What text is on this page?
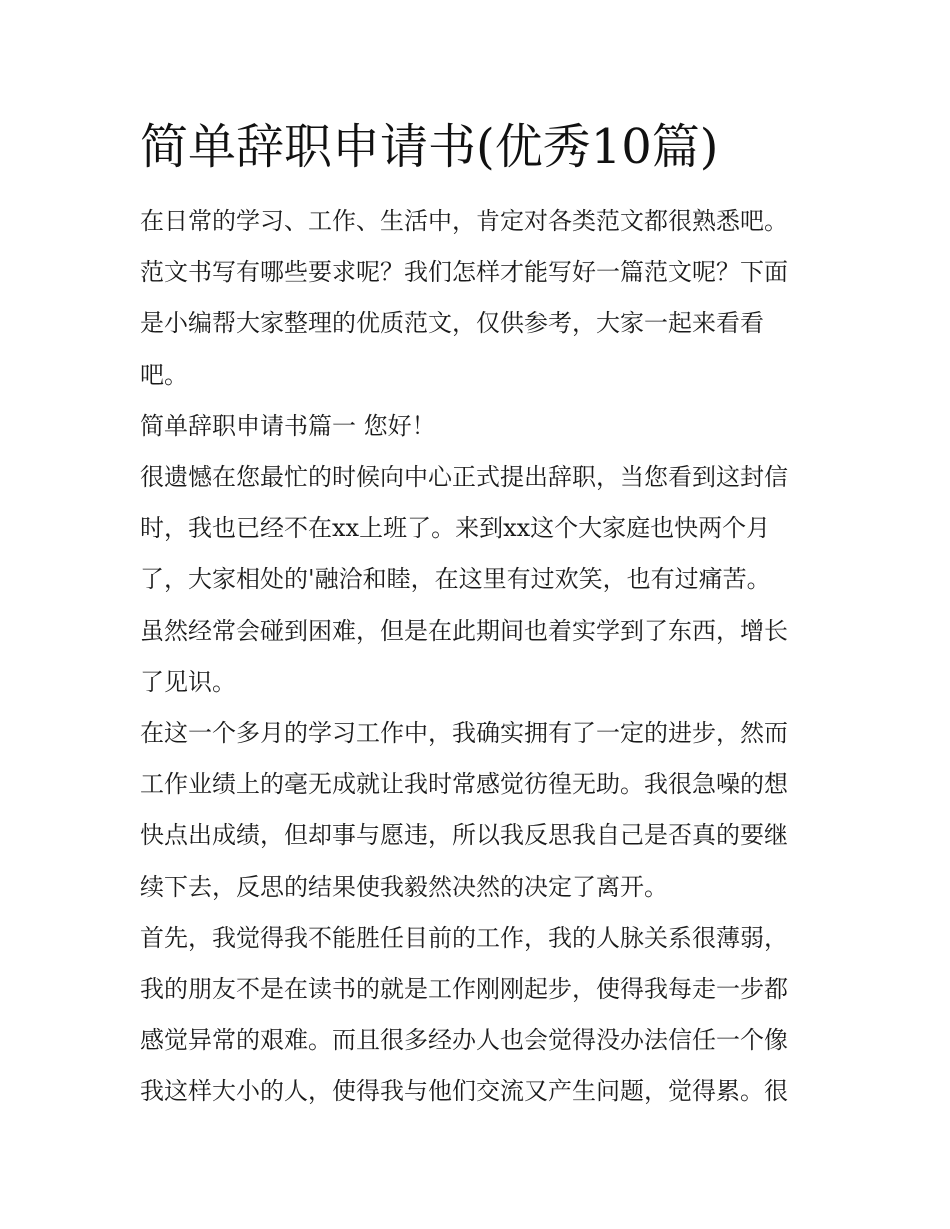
简单辞职申请书(优秀10篇)

在日常的学习、工作、生活中，肯定对各类范文都很熟悉吧。
范文书写有哪些要求呢？我们怎样才能写好一篇范文呢？下面
是小编帮大家整理的优质范文，仅供参考，大家一起来看看
吧。

简单辞职申请书篇一 您好！

很遗憾在您最忙的时候向中心正式提出辞职，当您看到这封信
时，我也已经不在xx上班了。来到xx这个大家庭也快两个月
了，大家相处的'融洽和睦，在这里有过欢笑，也有过痛苦。
虽然经常会碰到困难，但是在此期间也着实学到了东西，增长
了见识。

在这一个多月的学习工作中，我确实拥有了一定的进步，然而
工作业绩上的毫无成就让我时常感觉彷徨无助。我很急噪的想
快点出成绩，但却事与愿违，所以我反思我自己是否真的要继
续下去，反思的结果使我毅然决然的决定了离开。

首先，我觉得我不能胜任目前的工作，我的人脉关系很薄弱，
我的朋友不是在读书的就是工作刚刚起步，使得我每走一步都
感觉异常的艰难。而且很多经办人也会觉得没办法信任一个像
我这样大小的人，使得我与他们交流又产生问题，觉得累。很
